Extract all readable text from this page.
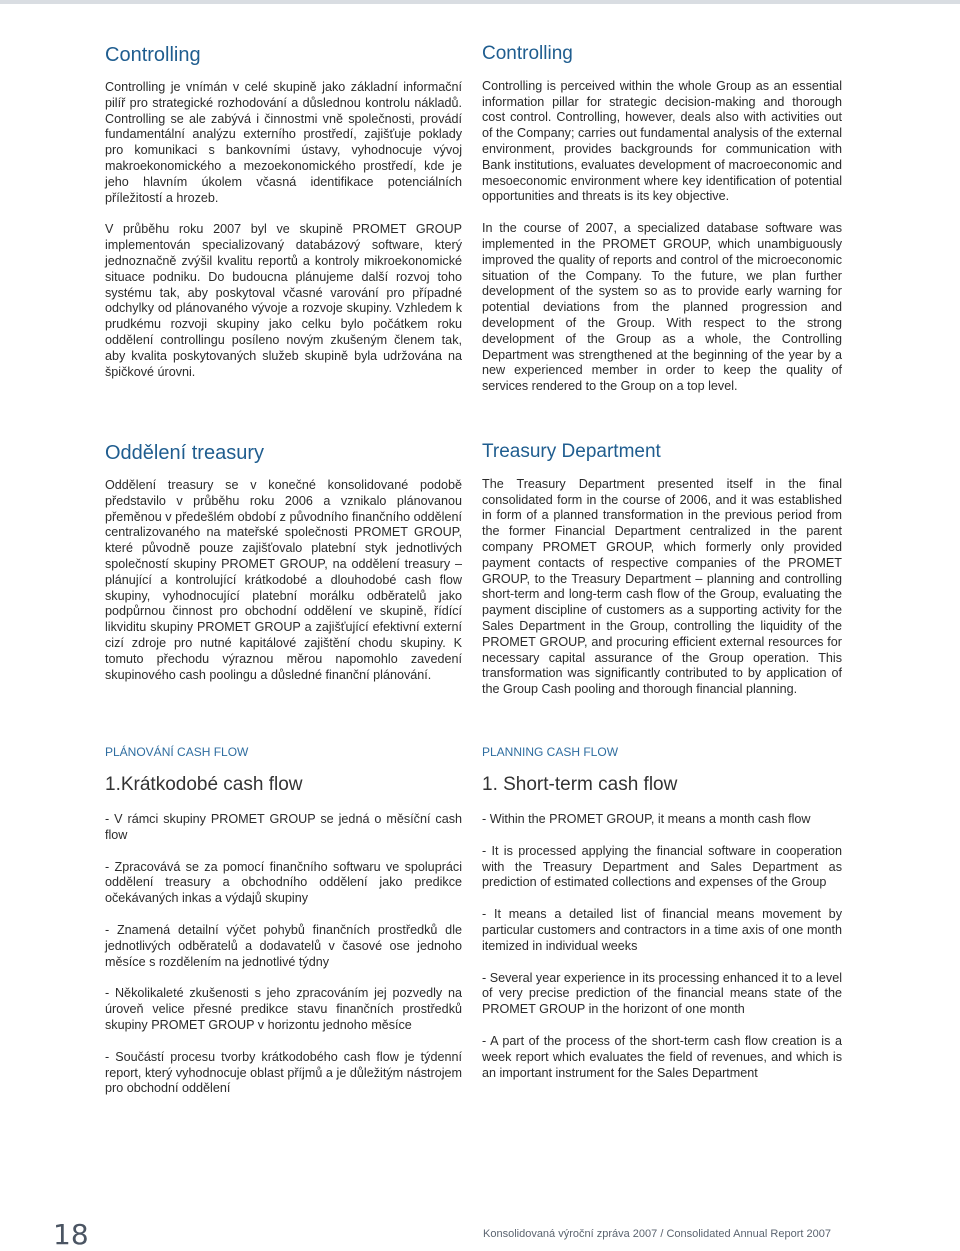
Controlling

Controlling je vnímán v celé skupině jako základní informační pilíř pro strategické rozhodování a důslednou kontrolu nákladů. Controlling se ale zabývá i činnostmi vně společnosti, provádí fundamentální analýzu externího prostředí, zajišťuje poklady pro komunikaci s bankovními ústavy, vyhodnocuje vývoj makroekonomického a mezoekonomického prostředí, kde je jeho hlavním úkolem včasná identifikace potenciálních příležitostí a hrozeb.

V průběhu roku 2007 byl ve skupině PROMET GROUP implementován specializovaný databázový software, který jednoznačně zvýšil kvalitu reportů a kontroly mikroekonomické situace podniku. Do budoucna plánujeme další rozvoj toho systému tak, aby poskytoval včasné varování pro případné odchylky od plánovaného vývoje a rozvoje skupiny. Vzhledem k prudkému rozvoji skupiny jako celku bylo počátkem roku oddělení controllingu posíleno novým zkušeným členem tak, aby kvalita poskytovaných služeb skupině byla udržována na špičkové úrovni.

Oddělení treasury

Oddělení treasury se v konečné konsolidované podobě představilo v průběhu roku 2006 a vznikalo plánovanou přeměnou v předešlém období z původního finančního oddělení centralizovaného na mateřské společnosti PROMET GROUP, které původně pouze zajišťovalo platební styk jednotlivých společností skupiny PROMET GROUP, na oddělení treasury – plánující a kontrolující krátkodobé a dlouhodobé cash flow skupiny, vyhodnocující platební morálku odběratelů jako podpůrnou činnost pro obchodní oddělení ve skupině, řídící likviditu skupiny PROMET GROUP a zajišťující efektivní externí cizí zdroje pro nutné kapitálové zajištění chodu skupiny. K tomuto přechodu výraznou měrou napomohlo zavedení skupinového cash poolingu a důsledné finanční plánování.

PLÁNOVÁNÍ CASH FLOW
1.Krátkodobé cash flow

- V rámci skupiny PROMET GROUP se jedná o měsíční cash flow

- Zpracovává se za pomocí finančního softwaru ve spolupráci oddělení treasury a obchodního oddělení jako predikce očekávaných inkas a výdajů skupiny

- Znamená detailní výčet pohybů finančních prostředků dle jednotlivých odběratelů a dodavatelů v časové ose jednoho měsíce s rozdělením na jednotlivé týdny

- Několikaleté zkušenosti s jeho zpracováním jej pozvedly na úroveň velice přesné predikce stavu finančních prostředků skupiny PROMET GROUP v horizontu jednoho měsíce

- Součástí procesu tvorby krátkodobého cash flow je týdenní report, který vyhodnocuje oblast příjmů a je důležitým nástrojem pro obchodní oddělení

Controlling

Controlling is perceived within the whole Group as an essential information pillar for strategic decision-making and thorough cost control. Controlling, however, deals also with activities out of the Company; carries out fundamental analysis of the external environment, provides backgrounds for communication with Bank institutions, evaluates development of macroeconomic and mesoeconomic environment where key identification of potential opportunities and threats is its key objective.

In the course of 2007, a specialized database software was implemented in the PROMET GROUP, which unambiguously improved the quality of reports and control of the microeconomic situation of the Company. To the future, we plan further development of the system so as to provide early warning for potential deviations from the planned progression and development of the Group. With respect to the strong development of the Group as a whole, the Controlling Department was strengthened at the beginning of the year by a new experienced member in order to keep the quality of services rendered to the Group on a top level.

Treasury Department

The Treasury Department presented itself in the final consolidated form in the course of 2006, and it was established in form of a planned transformation in the previous period from the former Financial Department centralized in the parent company PROMET GROUP, which formerly only provided payment contacts of respective companies of the PROMET GROUP, to the Treasury Department – planning and controlling short-term and long-term cash flow of the Group, evaluating the payment discipline of customers as a supporting activity for the Sales Department in the Group, controlling the liquidity of the PROMET GROUP, and procuring efficient external resources for necessary capital assurance of the Group operation. This transformation was significantly contributed to by application of the Group Cash pooling and thorough financial planning.

PLANNING CASH FLOW
1. Short-term cash flow

- Within the PROMET GROUP, it means a month cash flow

- It is processed applying the financial software in cooperation with the Treasury Department and Sales Department as prediction of estimated collections and expenses of the Group

- It means a detailed list of financial means movement by particular customers and contractors in a time axis of one month itemized in individual weeks

- Several year experience in its processing enhanced it to a level of very precise prediction of the financial means state of the PROMET GROUP in the horizont of one month

- A part of the process of the short-term cash flow creation is a week report which evaluates the field of revenues, and which is an important instrument for the Sales Department

18	Konsolidovaná výroční zpráva 2007 / Consolidated Annual Report 2007
